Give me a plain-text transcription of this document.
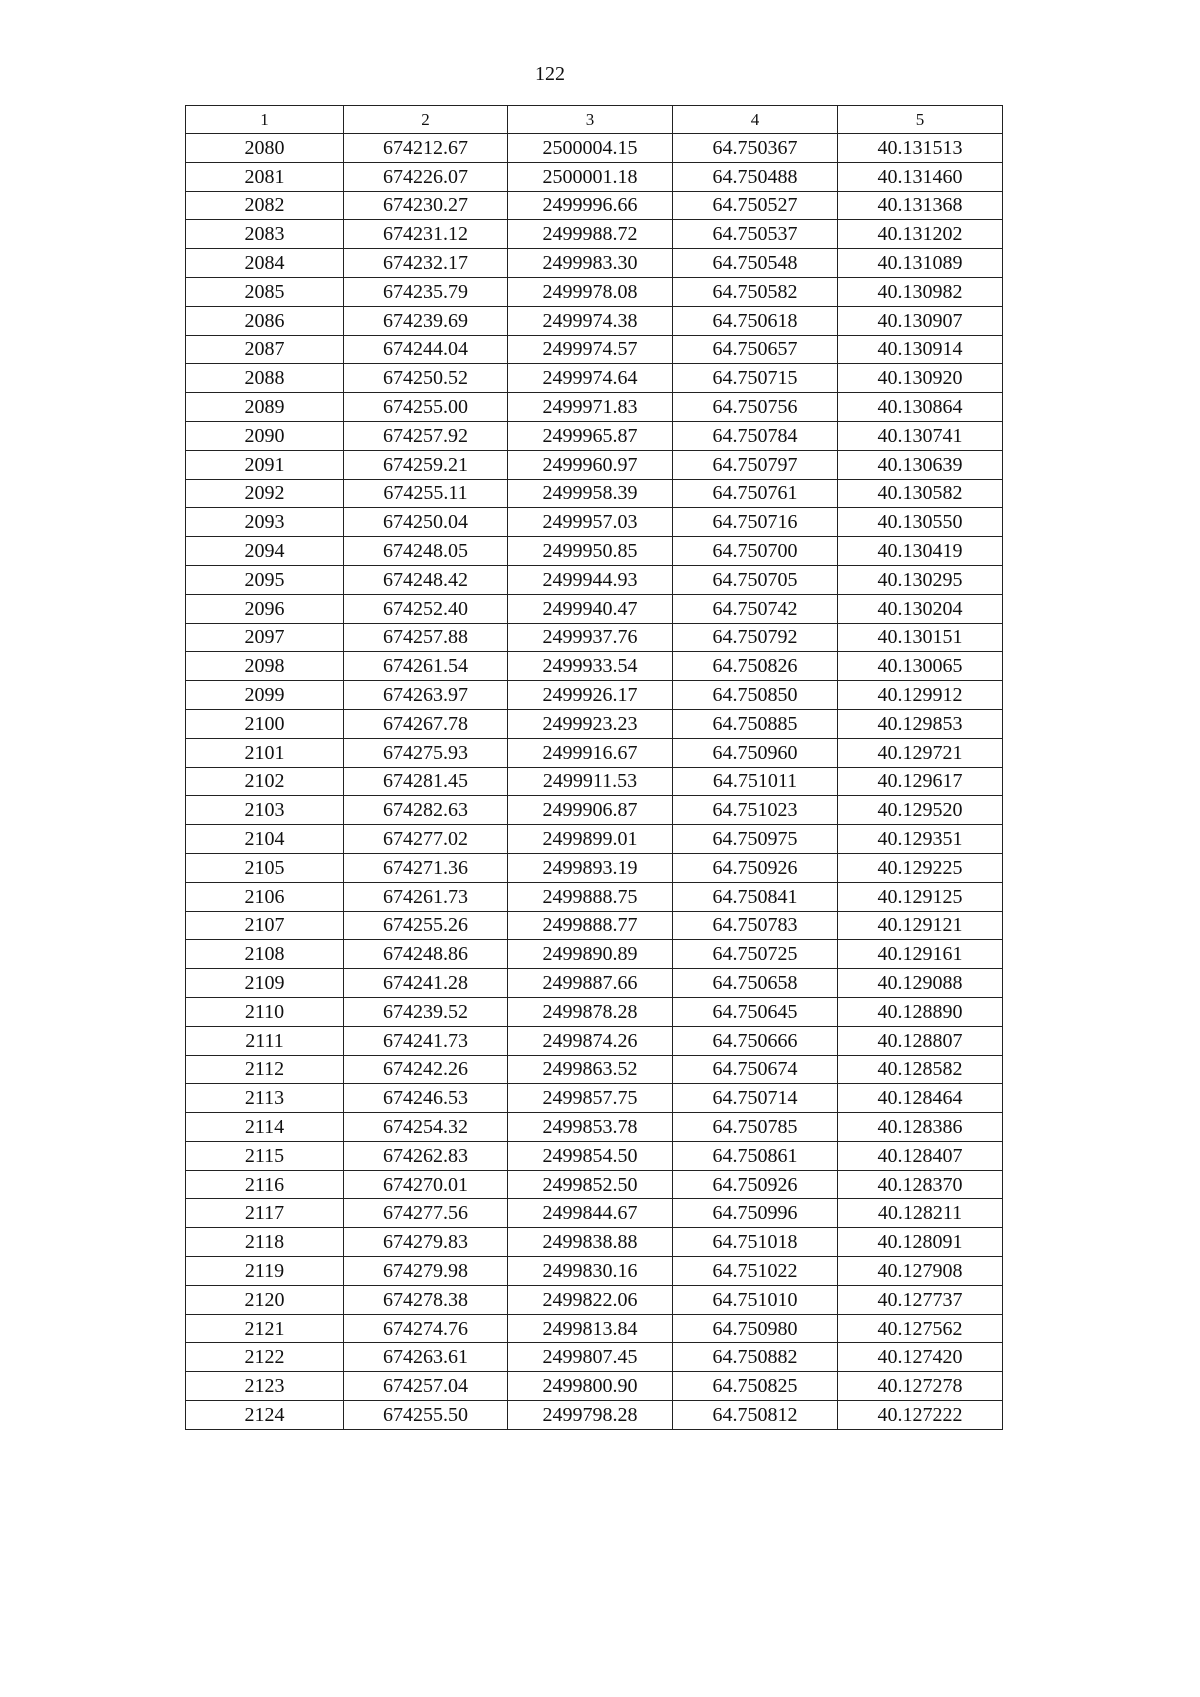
122
1	2	3	4	5
2080	674212.67	2500004.15	64.750367	40.131513
2081	674226.07	2500001.18	64.750488	40.131460
2082	674230.27	2499996.66	64.750527	40.131368
2083	674231.12	2499988.72	64.750537	40.131202
2084	674232.17	2499983.30	64.750548	40.131089
2085	674235.79	2499978.08	64.750582	40.130982
2086	674239.69	2499974.38	64.750618	40.130907
2087	674244.04	2499974.57	64.750657	40.130914
2088	674250.52	2499974.64	64.750715	40.130920
2089	674255.00	2499971.83	64.750756	40.130864
2090	674257.92	2499965.87	64.750784	40.130741
2091	674259.21	2499960.97	64.750797	40.130639
2092	674255.11	2499958.39	64.750761	40.130582
2093	674250.04	2499957.03	64.750716	40.130550
2094	674248.05	2499950.85	64.750700	40.130419
2095	674248.42	2499944.93	64.750705	40.130295
2096	674252.40	2499940.47	64.750742	40.130204
2097	674257.88	2499937.76	64.750792	40.130151
2098	674261.54	2499933.54	64.750826	40.130065
2099	674263.97	2499926.17	64.750850	40.129912
2100	674267.78	2499923.23	64.750885	40.129853
2101	674275.93	2499916.67	64.750960	40.129721
2102	674281.45	2499911.53	64.751011	40.129617
2103	674282.63	2499906.87	64.751023	40.129520
2104	674277.02	2499899.01	64.750975	40.129351
2105	674271.36	2499893.19	64.750926	40.129225
2106	674261.73	2499888.75	64.750841	40.129125
2107	674255.26	2499888.77	64.750783	40.129121
2108	674248.86	2499890.89	64.750725	40.129161
2109	674241.28	2499887.66	64.750658	40.129088
2110	674239.52	2499878.28	64.750645	40.128890
2111	674241.73	2499874.26	64.750666	40.128807
2112	674242.26	2499863.52	64.750674	40.128582
2113	674246.53	2499857.75	64.750714	40.128464
2114	674254.32	2499853.78	64.750785	40.128386
2115	674262.83	2499854.50	64.750861	40.128407
2116	674270.01	2499852.50	64.750926	40.128370
2117	674277.56	2499844.67	64.750996	40.128211
2118	674279.83	2499838.88	64.751018	40.128091
2119	674279.98	2499830.16	64.751022	40.127908
2120	674278.38	2499822.06	64.751010	40.127737
2121	674274.76	2499813.84	64.750980	40.127562
2122	674263.61	2499807.45	64.750882	40.127420
2123	674257.04	2499800.90	64.750825	40.127278
2124	674255.50	2499798.28	64.750812	40.127222
